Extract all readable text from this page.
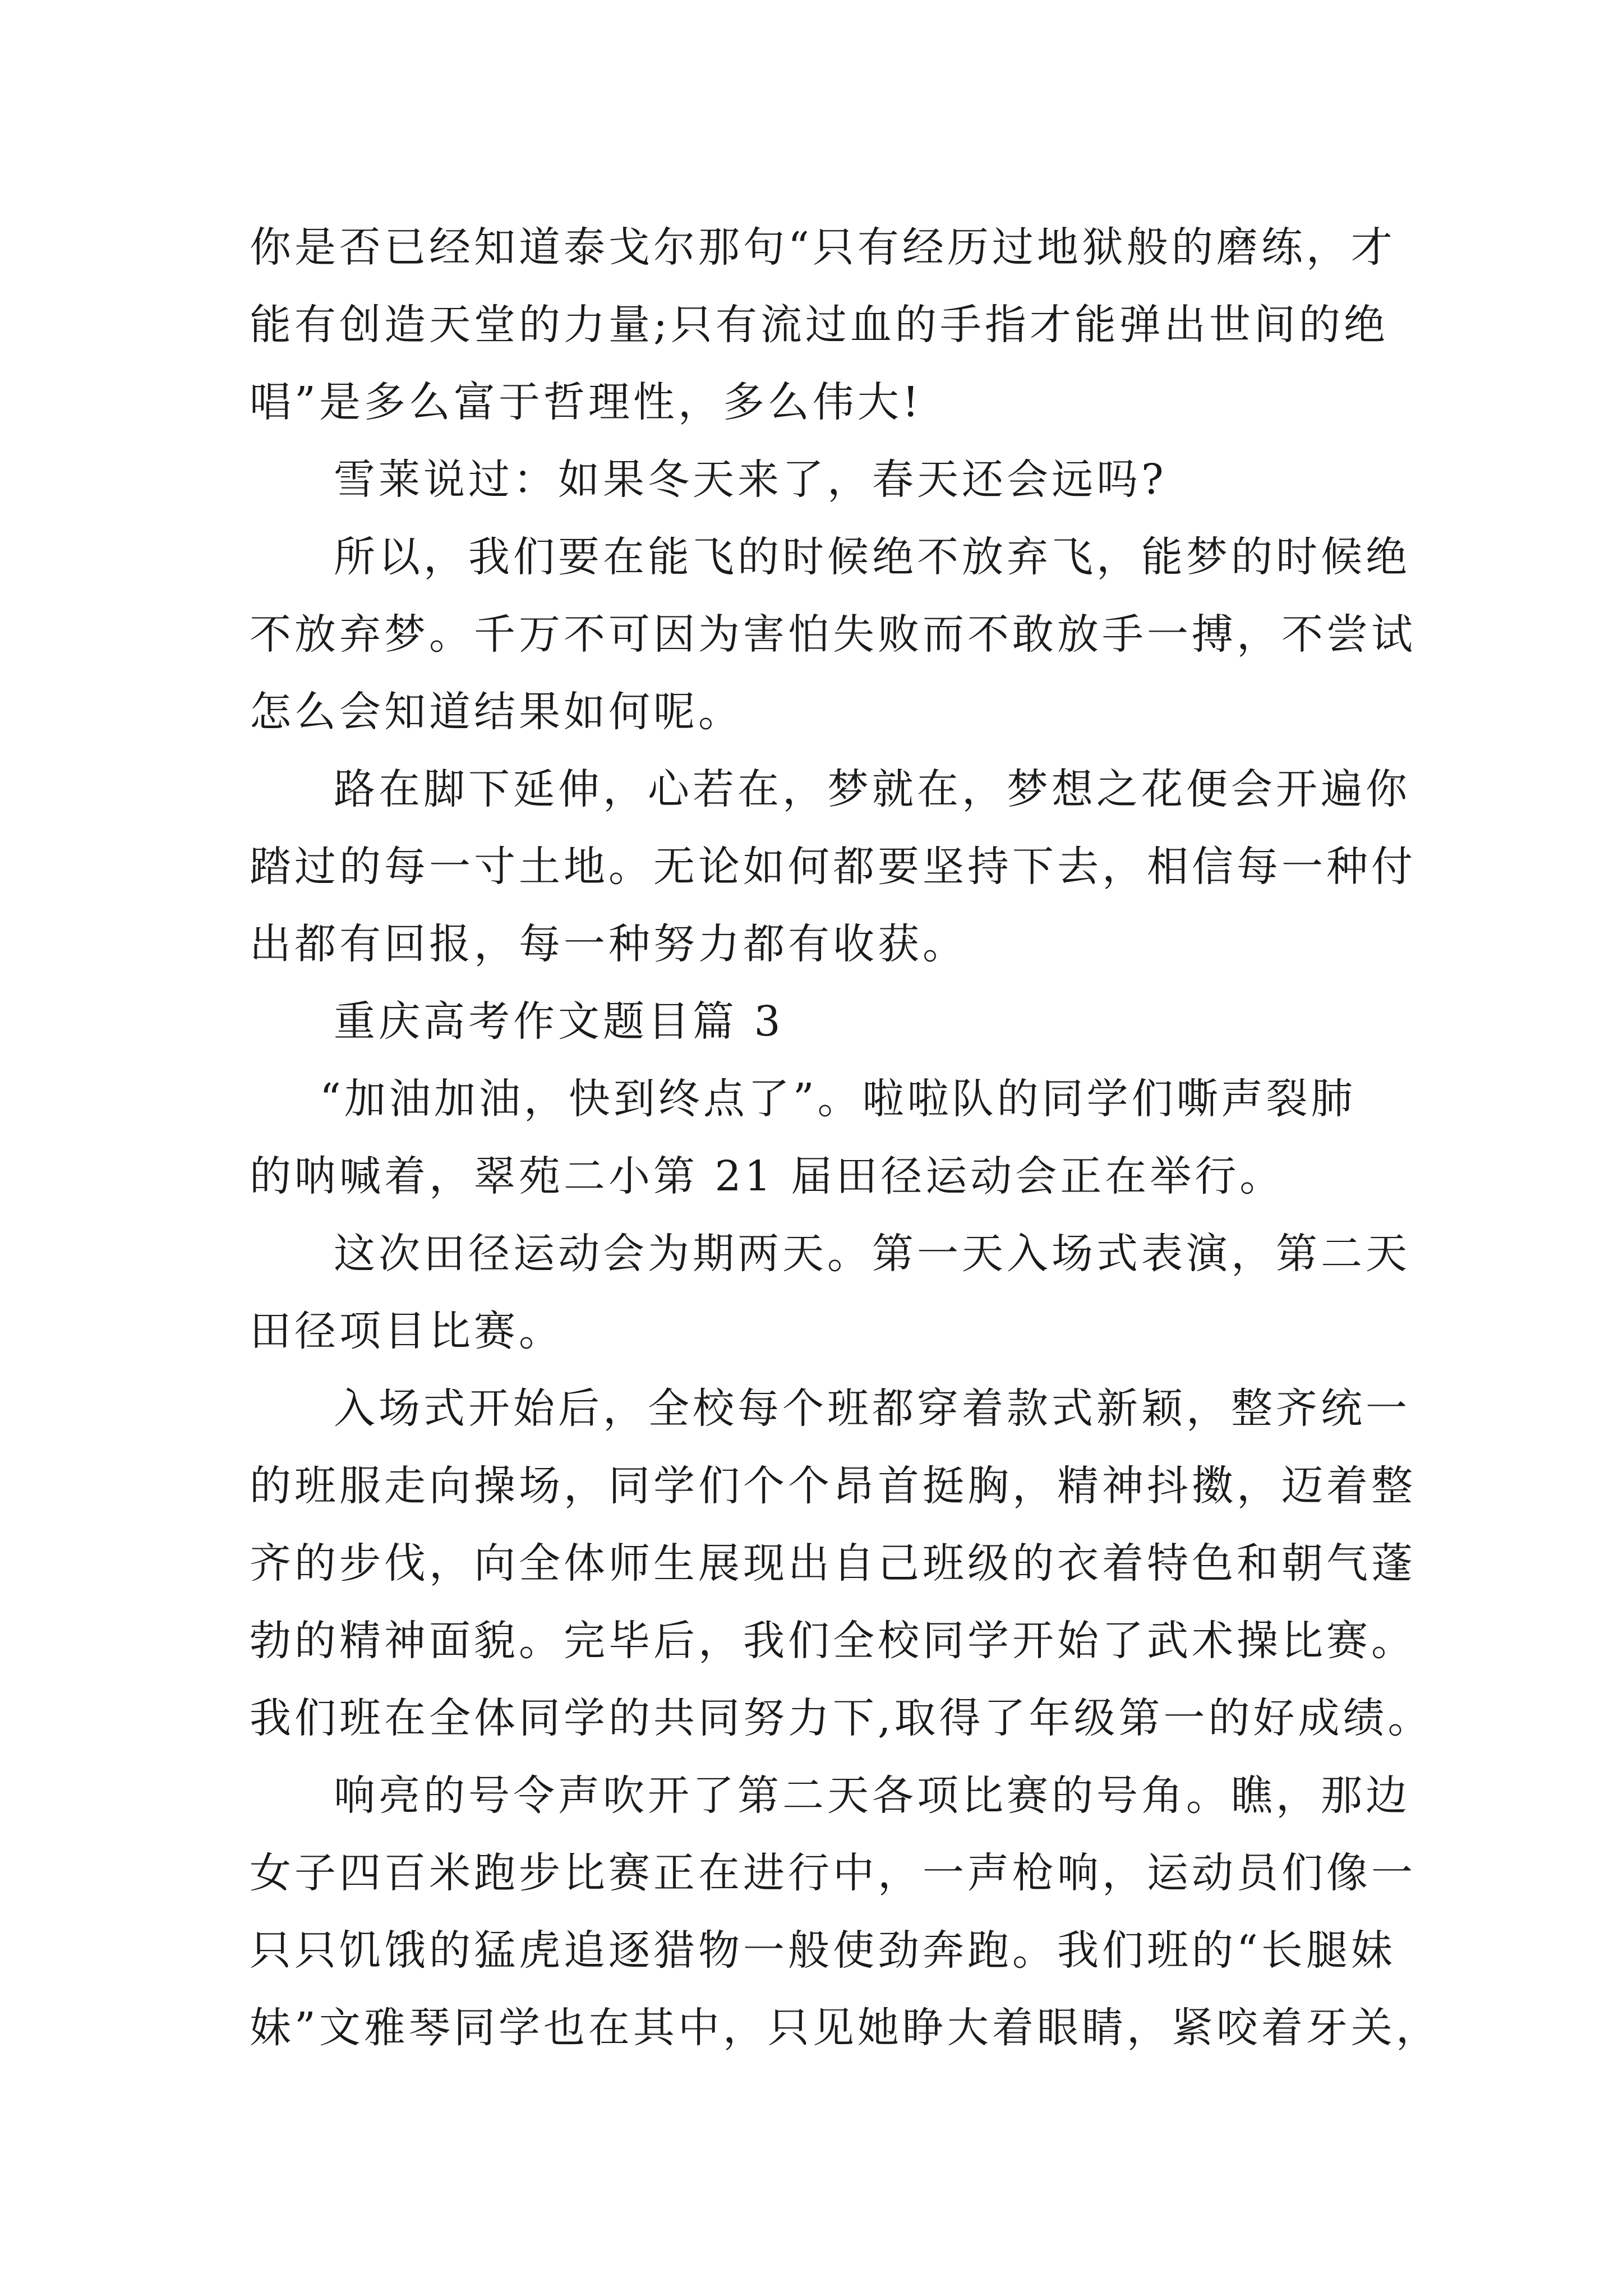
你是否已经知道泰戈尔那句“只有经历过地狱般的磨练，才
能有创造天堂的力量;只有流过血的手指才能弹出世间的绝
唱”是多么富于哲理性，多么伟大!

雪莱说过：如果冬天来了，春天还会远吗?

所以，我们要在能飞的时候绝不放弃飞，能梦的时候绝
不放弃梦。千万不可因为害怕失败而不敢放手一搏，不尝试
怎么会知道结果如何呢。

路在脚下延伸，心若在，梦就在，梦想之花便会开遍你
踏过的每一寸土地。无论如何都要坚持下去，相信每一种付
出都有回报，每一种努力都有收获。

重庆高考作文题目篇 3

“加油加油，快到终点了”。啦啦队的同学们嘶声裂肺
的呐喊着，翠苑二小第 21 届田径运动会正在举行。

这次田径运动会为期两天。第一天入场式表演，第二天
田径项目比赛。

入场式开始后，全校每个班都穿着款式新颖，整齐统一
的班服走向操场，同学们个个昂首挺胸，精神抖擞，迈着整
齐的步伐，向全体师生展现出自己班级的衣着特色和朝气蓬
勃的精神面貌。完毕后，我们全校同学开始了武术操比赛。
我们班在全体同学的共同努力下,取得了年级第一的好成绩。

响亮的号令声吹开了第二天各项比赛的号角。瞧，那边
女子四百米跑步比赛正在进行中，一声枪响，运动员们像一
只只饥饿的猛虎追逐猎物一般使劲奔跑。我们班的“长腿妹
妹”文雅琴同学也在其中，只见她睁大着眼睛，紧咬着牙关，
